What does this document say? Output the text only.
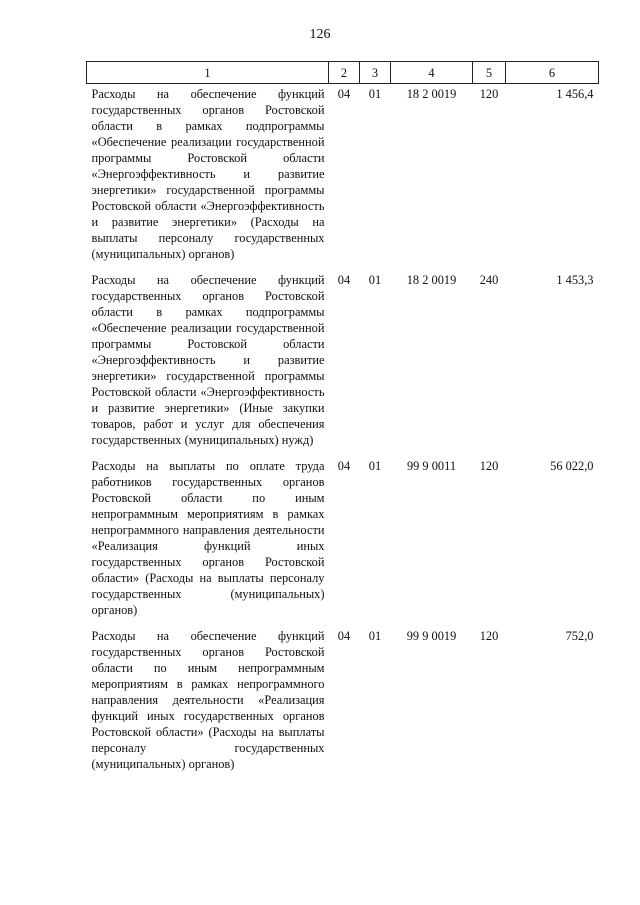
126
1	2	3	4	5	6
Расходы на обеспечение функций государственных органов Ростовской области в рамках подпрограммы «Обеспечение реализации государственной программы Ростовской области «Энергоэффективность и развитие энергетики» государственной программы Ростовской области «Энергоэффективность и развитие энергетики» (Расходы на выплаты персоналу государственных (муниципальных) органов)	04	01	18 2 0019	120	1 456,4
Расходы на обеспечение функций государственных органов Ростовской области в рамках подпрограммы «Обеспечение реализации государственной программы Ростовской области «Энергоэффективность и развитие энергетики» государственной программы Ростовской области «Энергоэффективность и развитие энергетики» (Иные закупки товаров, работ и услуг для обеспечения государственных (муниципальных) нужд)	04	01	18 2 0019	240	1 453,3
Расходы на выплаты по оплате труда работников государственных органов Ростовской области по иным непрограммным мероприятиям в рамках непрограммного направления деятельности «Реализация функций иных государственных органов Ростовской области» (Расходы на выплаты персоналу государственных (муниципальных) органов)	04	01	99 9 0011	120	56 022,0
Расходы на обеспечение функций государственных органов Ростовской области по иным непрограммным мероприятиям в рамках непрограммного направления деятельности «Реализация функций иных государственных органов Ростовской области» (Расходы на выплаты персоналу государственных (муниципальных) органов)	04	01	99 9 0019	120	752,0
